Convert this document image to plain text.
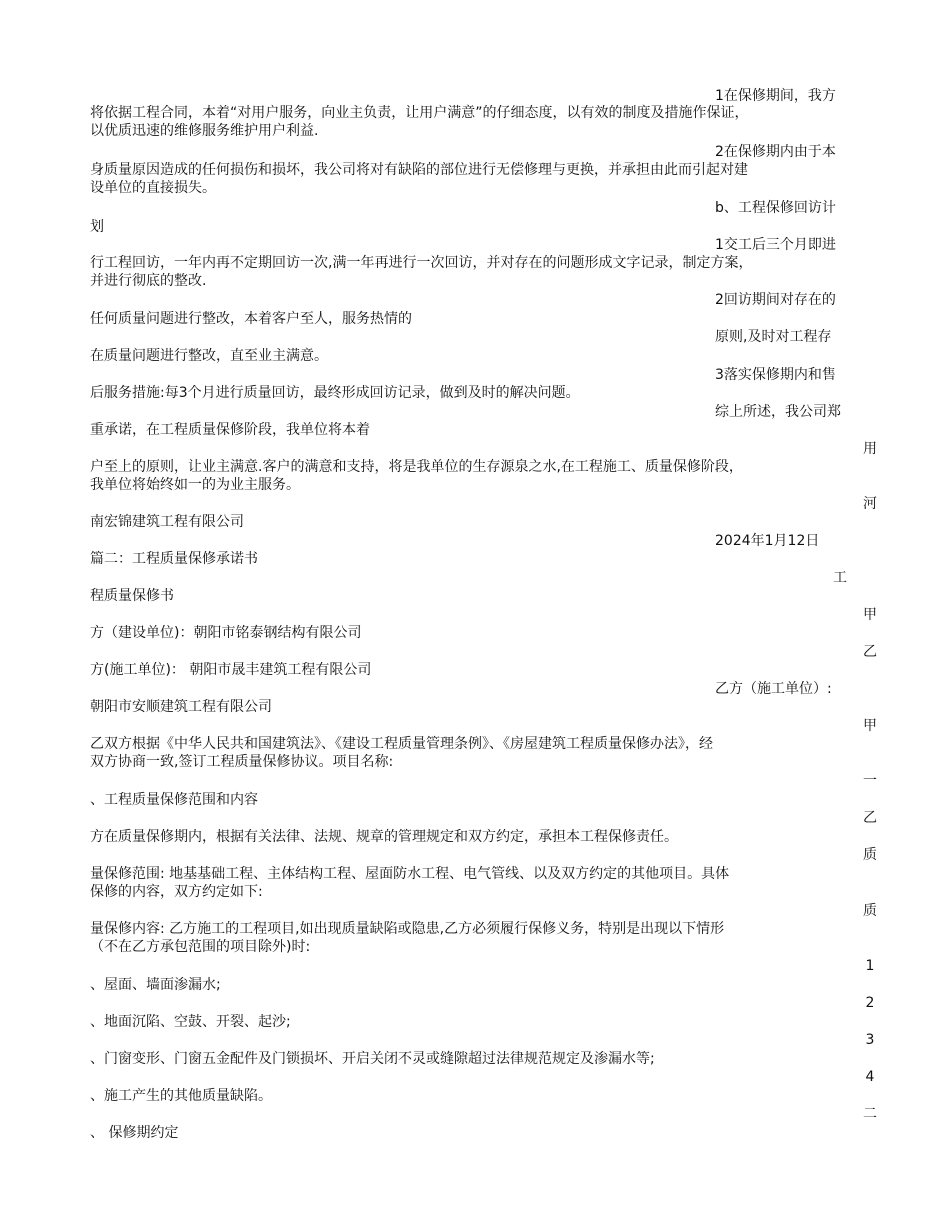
将依据工程合同，本着“对用户服务，向业主负责，让用户满意”的仔细态度，以有效的制度及措施作保证，
以优质迅速的维修服务维护用户利益.
身质量原因造成的任何损伤和损坏，我公司将对有缺陷的部位进行无偿修理与更换，并承担由此而引起对建
设单位的直接损失。
划
行工程回访，一年内再不定期回访一次,满一年再进行一次回访，并对存在的问题形成文字记录，制定方案，
并进行彻底的整改.
任何质量问题进行整改，本着客户至人，服务热情的
在质量问题进行整改，直至业主满意。
后服务措施:每3个月进行质量回访，最终形成回访记录，做到及时的解决问题。
重承诺，在工程质量保修阶段，我单位将本着
户至上的原则，让业主满意.客户的满意和支持，将是我单位的生存源泉之水,在工程施工、质量保修阶段，
我单位将始终如一的为业主服务。
南宏锦建筑工程有限公司
篇二：工程质量保修承诺书
程质量保修书
方（建设单位)：朝阳市铭泰钢结构有限公司
方(施工单位)： 朝阳市晟丰建筑工程有限公司
朝阳市安顺建筑工程有限公司
乙双方根据《中华人民共和国建筑法》、《建设工程质量管理条例》、《房屋建筑工程质量保修办法》，经
双方协商一致,签订工程质量保修协议。项目名称:
、工程质量保修范围和内容
方在质量保修期内，根据有关法律、法规、规章的管理规定和双方约定，承担本工程保修责任。
量保修范围: 地基基础工程、主体结构工程、屋面防水工程、电气管线、以及双方约定的其他项目。具体
保修的内容，双方约定如下:
量保修内容: 乙方施工的工程项目,如出现质量缺陷或隐患,乙方必须履行保修义务，特别是出现以下情形
（不在乙方承包范围的项目除外)时:
、屋面、墙面渗漏水;
、地面沉陷、空鼓、开裂、起沙;
、门窗变形、门窗五金配件及门锁损坏、开启关闭不灵或缝隙超过法律规范规定及渗漏水等;
、施工产生的其他质量缺陷。
、 保修期约定
1在保修期间，我方
2在保修期内由于本
b、工程保修回访计
1交工后三个月即进
2回访期间对存在的
原则,及时对工程存
3落实保修期内和售
综上所述，我公司郑
2024年1月12日
工
乙方（施工单位）:
用
河
甲
乙
甲
一
乙
质
质
1
2
3
4
二
